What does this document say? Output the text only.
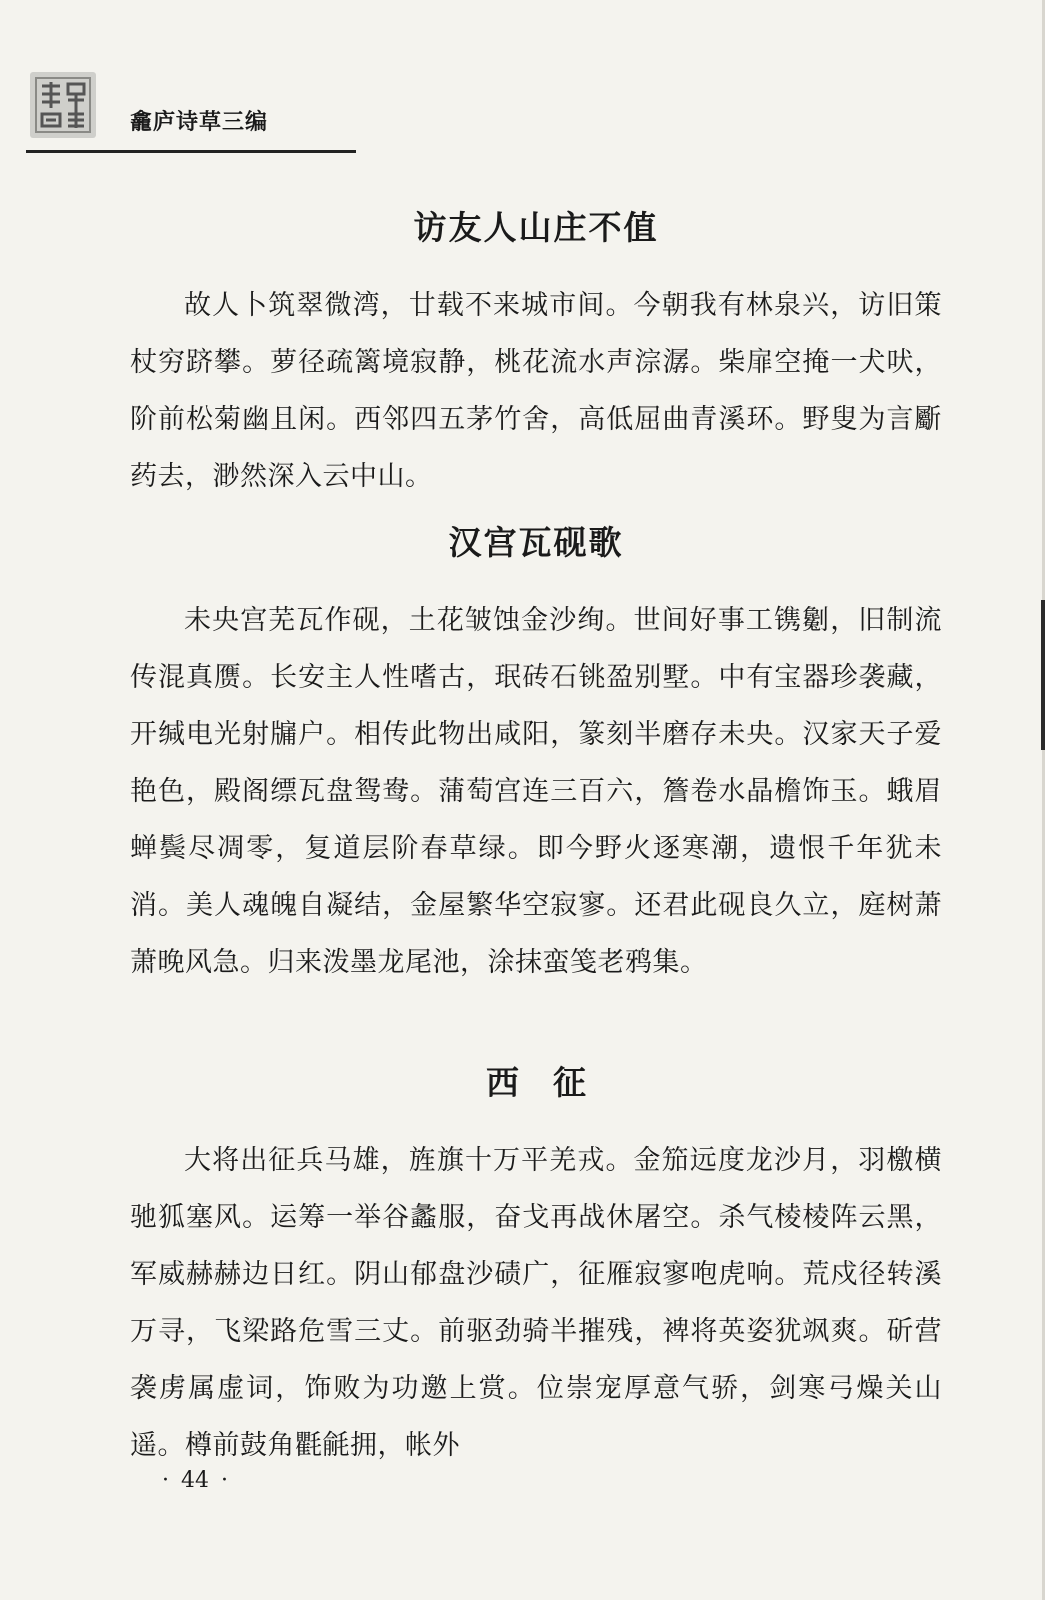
龕庐诗草三编
访友人山庄不值

故人卜筑翠微湾，廿载不来城市间。今朝我有林泉兴，访旧策杖穷跻攀。萝径疏篱境寂静，桃花流水声淙潺。柴扉空掩一犬吠，阶前松菊幽且闲。西邻四五茅竹舍，高低屈曲青溪环。野叟为言斸药去，渺然深入云中山。

汉宫瓦砚歌

未央宫芜瓦作砚，土花皱蚀金沙绚。世间好事工镌劖，旧制流传混真赝。长安主人性嗜古，珉砖石铫盈别墅。中有宝器珍袭藏，开缄电光射牖户。相传此物出咸阳，篆刻半磨存未央。汉家天子爱艳色，殿阁缥瓦盘鸳鸯。蒲萄宫连三百六，簷卷水晶檐饰玉。蛾眉蝉鬓尽凋零，复道层阶春草绿。即今野火逐寒潮，遗恨千年犹未消。美人魂魄自凝结，金屋繁华空寂寥。还君此砚良久立，庭树萧萧晚风急。归来泼墨龙尾池，涂抹蛮笺老鸦集。

西征

大将出征兵马雄，旌旗十万平羌戎。金笳远度龙沙月，羽檄横驰狐塞风。运筹一举谷蠡服，奋戈再战休屠空。杀气棱棱阵云黑，军威赫赫边日红。阴山郁盘沙碛广，征雁寂寥咆虎响。荒戍径转溪万寻，飞梁路危雪三丈。前驱劲骑半摧残，裨将英姿犹飒爽。斫营袭虏属虚词，饰败为功邀上赏。位崇宠厚意气骄，剑寒弓燥关山遥。樽前鼓角氍毹拥，帐外

· 44 ·
